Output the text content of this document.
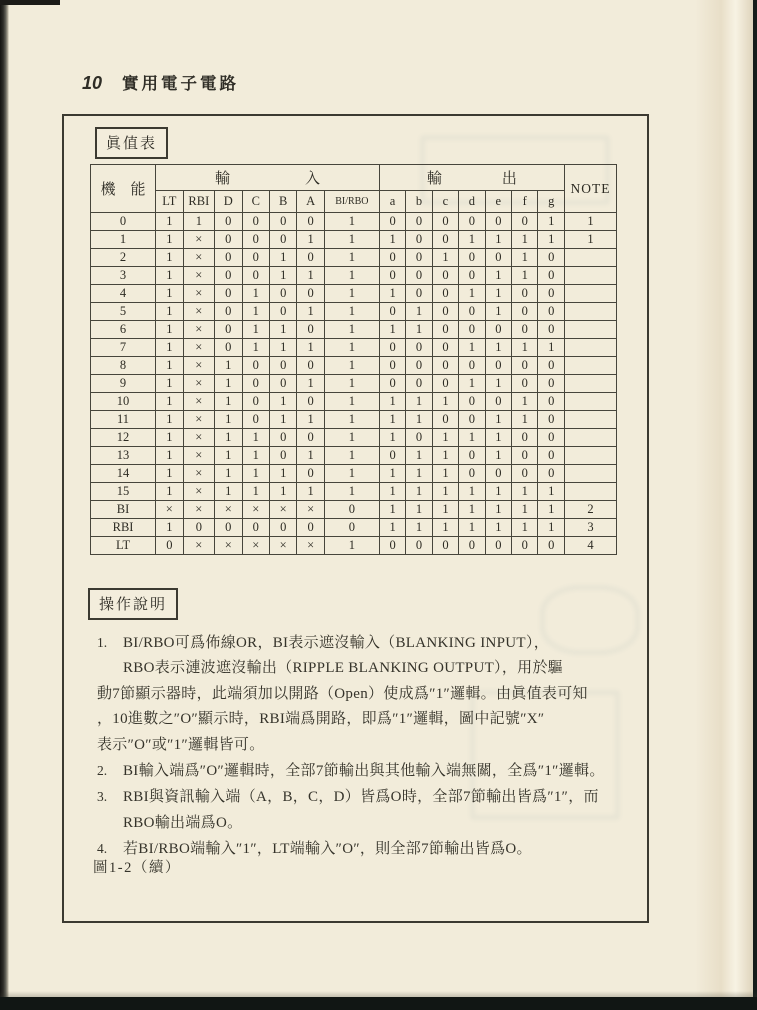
10 實用電子電路
眞值表
機　能	輸　　　　　入							輸　　　　出							NOTE
	LT	RBI	D	C	B	A	BI/RBO	a	b	c	d	e	f	g	
0	1	1	0	0	0	0	1	0	0	0	0	0	0	1	1
1	1	×	0	0	0	1	1	1	0	0	1	1	1	1	1
2	1	×	0	0	1	0	1	0	0	1	0	0	1	0	
3	1	×	0	0	1	1	1	0	0	0	0	1	1	0	
4	1	×	0	1	0	0	1	1	0	0	1	1	0	0	
5	1	×	0	1	0	1	1	0	1	0	0	1	0	0	
6	1	×	0	1	1	0	1	1	1	0	0	0	0	0	
7	1	×	0	1	1	1	1	0	0	0	1	1	1	1	
8	1	×	1	0	0	0	1	0	0	0	0	0	0	0	
9	1	×	1	0	0	1	1	0	0	0	1	1	0	0	
10	1	×	1	0	1	0	1	1	1	1	0	0	1	0	
11	1	×	1	0	1	1	1	1	1	0	0	1	1	0	
12	1	×	1	1	0	0	1	1	0	1	1	1	0	0	
13	1	×	1	1	0	1	1	0	1	1	0	1	0	0	
14	1	×	1	1	1	0	1	1	1	1	0	0	0	0	
15	1	×	1	1	1	1	1	1	1	1	1	1	1	1	
BI	×	×	×	×	×	×	0	1	1	1	1	1	1	1	2
RBI	1	0	0	0	0	0	0	1	1	1	1	1	1	1	3
LT	0	×	×	×	×	×	1	0	0	0	0	0	0	0	4
操作說明
1. BI/RBO可爲佈線OR，BI表示遮沒輸入（BLANKING INPUT），
RBO表示漣波遮沒輸出（RIPPLE BLANKING OUTPUT），用於驅
動7節顯示器時，此端須加以開路（Open）使成爲″1″邏輯。由眞值表可知
，10進數之″O″顯示時，RBI端爲開路，即爲″1″邏輯，圖中記號″X″
表示″O″或″1″邏輯皆可。
2. BI輸入端爲″O″邏輯時，全部7節輸出與其他輸入端無關，全爲″1″邏輯。
3. RBI與資訊輸入端（A，B，C，D）皆爲O時，全部7節輸出皆爲″1″，而
RBO輸出端爲O。
4. 若BI/RBO端輸入″1″，LT端輸入″O″，則全部7節輸出皆爲O。
圖1-2（續）
